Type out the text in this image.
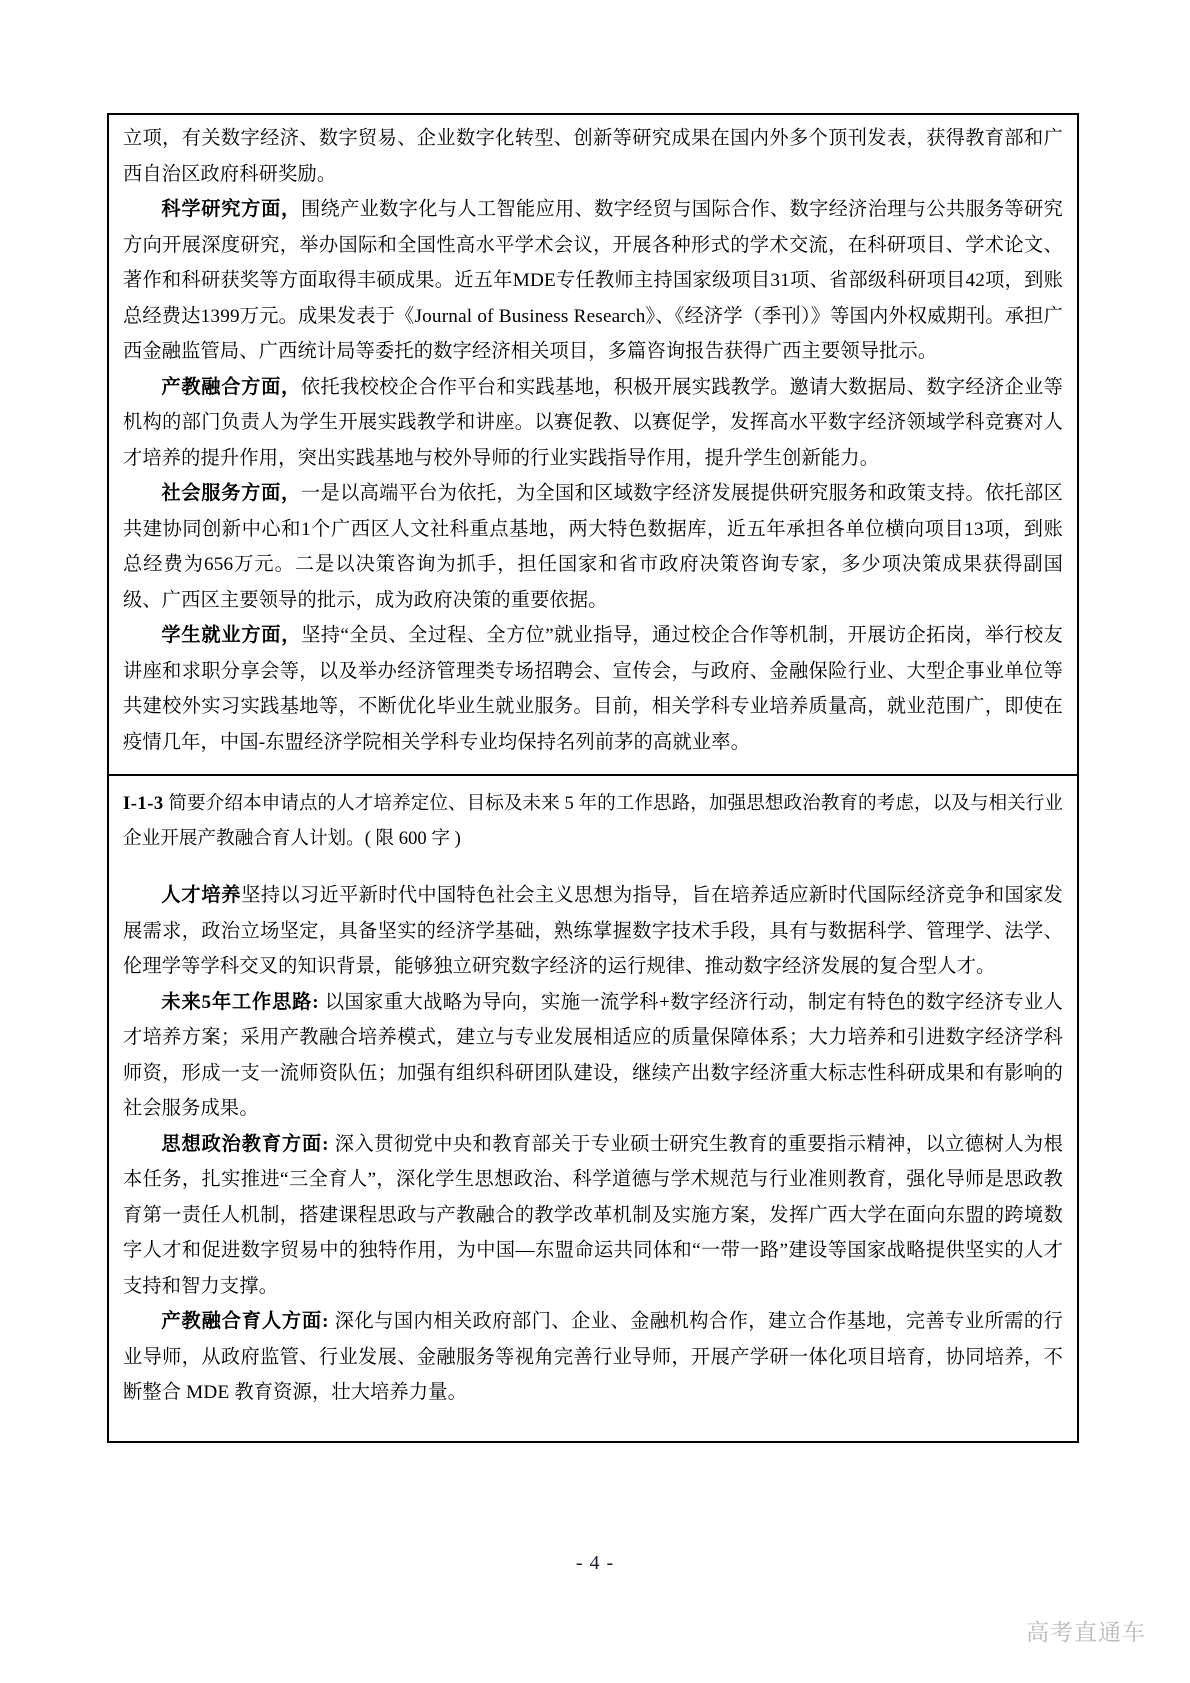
立项，有关数字经济、数字贸易、企业数字化转型、创新等研究成果在国内外多个顶刊发表，获得教育部和广西自治区政府科研奖励。

科学研究方面，围绕产业数字化与人工智能应用、数字经贸与国际合作、数字经济治理与公共服务等研究方向开展深度研究，举办国际和全国性高水平学术会议，开展各种形式的学术交流，在科研项目、学术论文、著作和科研获奖等方面取得丰硕成果。近五年MDE专任教师主持国家级项目31项、省部级科研项目42项，到账总经费达1399万元。成果发表于《Journal of Business Research》、《经济学（季刊）》等国内外权威期刊。承担广西金融监管局、广西统计局等委托的数字经济相关项目，多篇咨询报告获得广西主要领导批示。

产教融合方面，依托我校校企合作平台和实践基地，积极开展实践教学。邀请大数据局、数字经济企业等机构的部门负责人为学生开展实践教学和讲座。以赛促教、以赛促学，发挥高水平数字经济领域学科竞赛对人才培养的提升作用，突出实践基地与校外导师的行业实践指导作用，提升学生创新能力。

社会服务方面，一是以高端平台为依托，为全国和区域数字经济发展提供研究服务和政策支持。依托部区共建协同创新中心和1个广西区人文社科重点基地，两大特色数据库，近五年承担各单位横向项目13项，到账总经费为656万元。二是以决策咨询为抓手，担任国家和省市政府决策咨询专家，多少项决策成果获得副国级、广西区主要领导的批示，成为政府决策的重要依据。

学生就业方面，坚持“全员、全过程、全方位”就业指导，通过校企合作等机制，开展访企拓岗，举行校友讲座和求职分享会等，以及举办经济管理类专场招聘会、宣传会，与政府、金融保险行业、大型企事业单位等共建校外实习实践基地等，不断优化毕业生就业服务。目前，相关学科专业培养质量高，就业范围广，即使在疫情几年，中国-东盟经济学院相关学科专业均保持名列前茅的高就业率。

I-1-3 简要介绍本申请点的人才培养定位、目标及未来 5 年的工作思路，加强思想政治教育的考虑，以及与相关行业企业开展产教融合育人计划。( 限 600 字 )

人才培养坚持以习近平新时代中国特色社会主义思想为指导，旨在培养适应新时代国际经济竞争和国家发展需求，政治立场坚定，具备坚实的经济学基础，熟练掌握数字技术手段，具有与数据科学、管理学、法学、伦理学等学科交叉的知识背景，能够独立研究数字经济的运行规律、推动数字经济发展的复合型人才。

未来5年工作思路: 以国家重大战略为导向，实施一流学科+数字经济行动，制定有特色的数字经济专业人才培养方案；采用产教融合培养模式，建立与专业发展相适应的质量保障体系；大力培养和引进数字经济学科师资，形成一支一流师资队伍；加强有组织科研团队建设，继续产出数字经济重大标志性科研成果和有影响的社会服务成果。

思想政治教育方面: 深入贯彻党中央和教育部关于专业硕士研究生教育的重要指示精神，以立德树人为根本任务，扎实推进“三全育人”，深化学生思想政治、科学道德与学术规范与行业准则教育，强化导师是思政教育第一责任人机制，搭建课程思政与产教融合的教学改革机制及实施方案，发挥广西大学在面向东盟的跨境数字人才和促进数字贸易中的独特作用，为中国—东盟命运共同体和“一带一路”建设等国家战略提供坚实的人才支持和智力支撑。

产教融合育人方面: 深化与国内相关政府部门、企业、金融机构合作，建立合作基地，完善专业所需的行业导师，从政府监管、行业发展、金融服务等视角完善行业导师，开展产学研一体化项目培育，协同培养，不断整合 MDE 教育资源，壮大培养力量。

- 4 -
高考直通车
